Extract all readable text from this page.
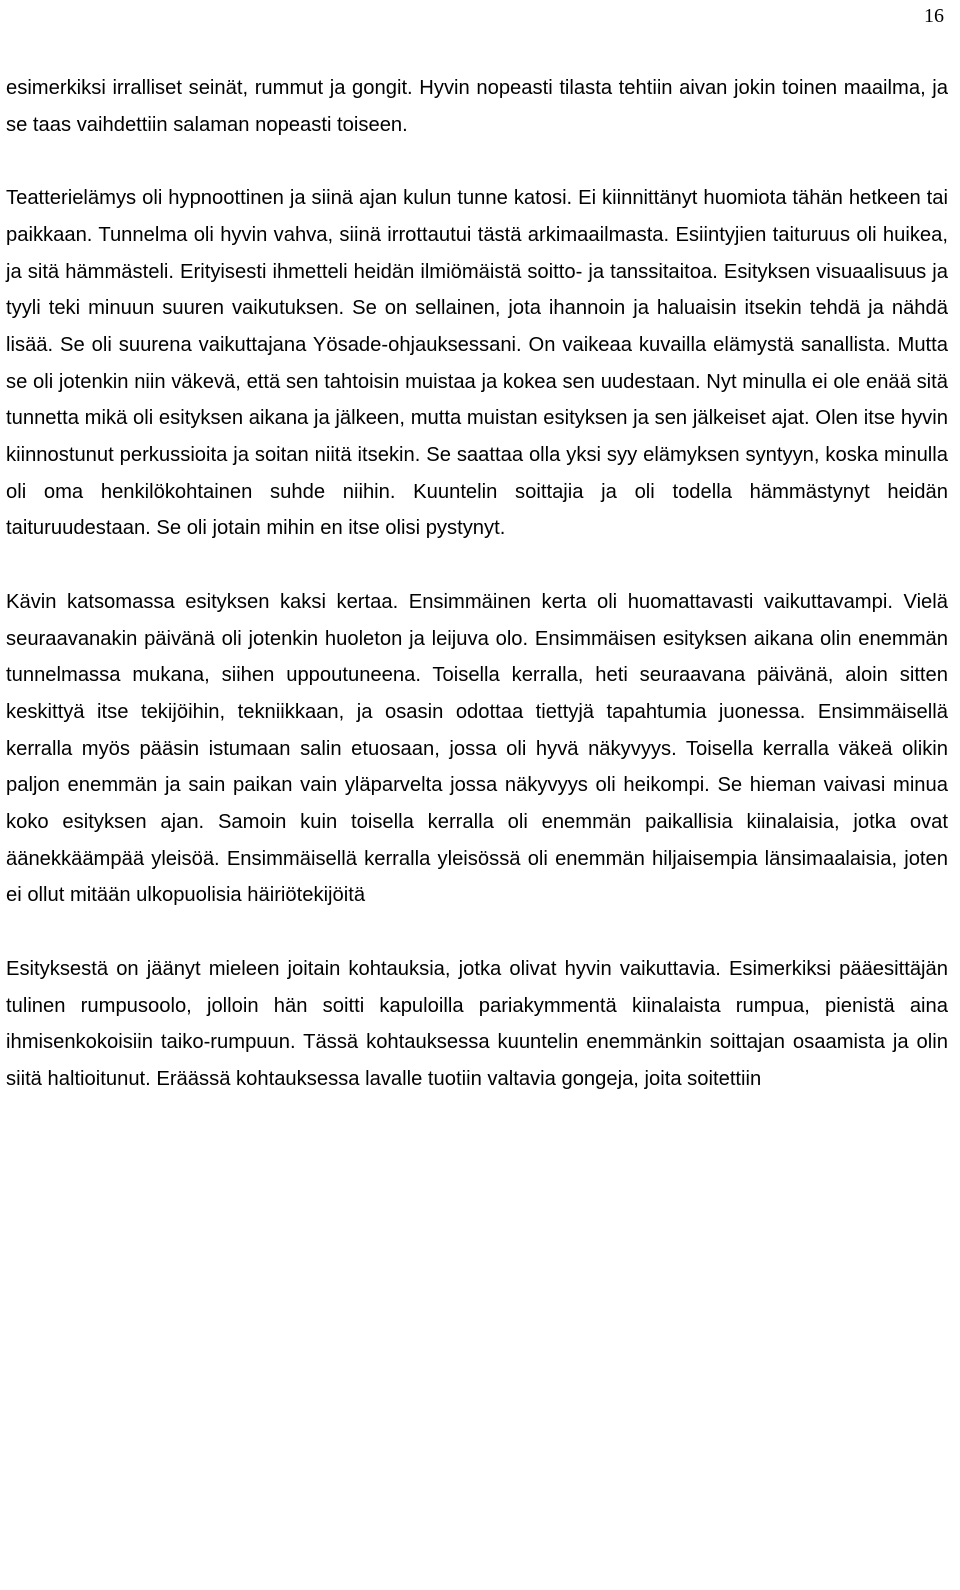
16

esimerkiksi irralliset seinät, rummut ja gongit. Hyvin nopeasti tilasta tehtiin aivan jokin toinen maailma, ja se taas vaihdettiin salaman nopeasti toiseen.

Teatterielämys oli hypnoottinen ja siinä ajan kulun tunne katosi. Ei kiinnittänyt huomiota tähän hetkeen tai paikkaan. Tunnelma oli hyvin vahva, siinä irrottautui tästä arkimaailmasta. Esiintyjien taituruus oli huikea, ja sitä hämmästeli. Erityisesti ihmetteli heidän ilmiömäistä soitto- ja tanssitaitoa. Esityksen visuaalisuus ja tyyli teki minuun suuren vaikutuksen. Se on sellainen, jota ihannoin ja haluaisin itsekin tehdä ja nähdä lisää. Se oli suurena vaikuttajana Yösade-ohjauksessani. On vaikeaa kuvailla elämystä sanallista. Mutta se oli jotenkin niin väkevä, että sen tahtoisin muistaa ja kokea sen uudestaan. Nyt minulla ei ole enää sitä tunnetta mikä oli esityksen aikana ja jälkeen, mutta muistan esityksen ja sen jälkeiset ajat. Olen itse hyvin kiinnostunut perkussioita ja soitan niitä itsekin. Se saattaa olla yksi syy elämyksen syntyyn, koska minulla oli oma henkilökohtainen suhde niihin. Kuuntelin soittajia ja oli todella hämmästynyt heidän taituruudestaan. Se oli jotain mihin en itse olisi pystynyt.

Kävin katsomassa esityksen kaksi kertaa. Ensimmäinen kerta oli huomattavasti vaikuttavampi. Vielä seuraavanakin päivänä oli jotenkin huoleton ja leijuva olo. Ensimmäisen esityksen aikana olin enemmän tunnelmassa mukana, siihen uppoutuneena. Toisella kerralla, heti seuraavana päivänä, aloin sitten keskittyä itse tekijöihin, tekniikkaan, ja osasin odottaa tiettyjä tapahtumia juonessa. Ensimmäisellä kerralla myös pääsin istumaan salin etuosaan, jossa oli hyvä näkyvyys. Toisella kerralla väkeä olikin paljon enemmän ja sain paikan vain yläparvelta jossa näkyvyys oli heikompi. Se hieman vaivasi minua koko esityksen ajan. Samoin kuin toisella kerralla oli enemmän paikallisia kiinalaisia, jotka ovat äänekkäämpää yleisöä. Ensimmäisellä kerralla yleisössä oli enemmän hiljaisempia länsimaalaisia, joten ei ollut mitään ulkopuolisia häiriötekijöitä

Esityksestä on jäänyt mieleen joitain kohtauksia, jotka olivat hyvin vaikuttavia. Esimerkiksi pääesittäjän tulinen rumpusoolo, jolloin hän soitti kapuloilla pariakymmentä kiinalaista rumpua, pienistä aina ihmisenkokoisiin taiko-rumpuun. Tässä kohtauksessa kuuntelin enemmänkin soittajan osaamista ja olin siitä haltioitunut. Eräässä kohtauksessa lavalle tuotiin valtavia gongeja, joita soitettiin
